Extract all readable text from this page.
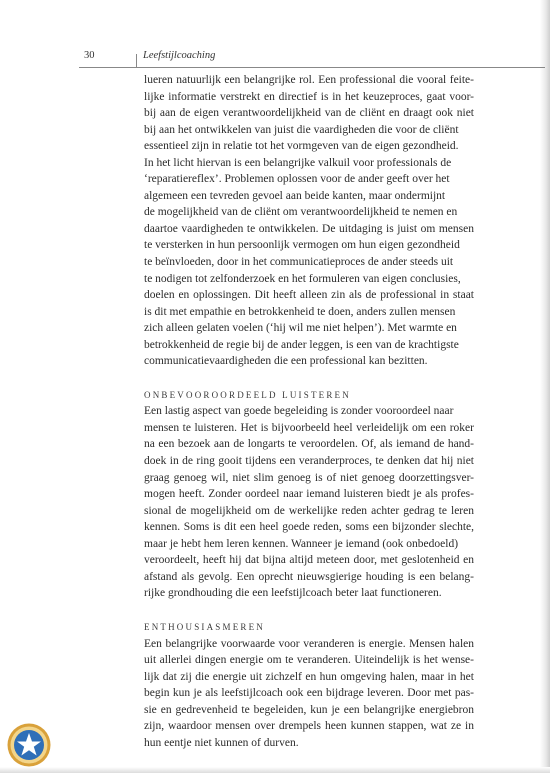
30	Leefstijlcoaching
lueren natuurlijk een belangrijke rol. Een professional die vooral feite-
lijke informatie verstrekt en directief is in het keuzeproces, gaat voor-
bij aan de eigen verantwoordelijkheid van de cliënt en draagt ook niet
bij aan het ontwikkelen van juist die vaardigheden die voor de cliënt
essentieel zijn in relatie tot het vormgeven van de eigen gezondheid.
In het licht hiervan is een belangrijke valkuil voor professionals de
‘reparatiereflex’. Problemen oplossen voor de ander geeft over het
algemeen een tevreden gevoel aan beide kanten, maar ondermijnt
de mogelijkheid van de cliënt om verantwoordelijkheid te nemen en
daartoe vaardigheden te ontwikkelen. De uitdaging is juist om mensen
te versterken in hun persoonlijk vermogen om hun eigen gezondheid
te beïnvloeden, door in het communicatieproces de ander steeds uit
te nodigen tot zelfonderzoek en het formuleren van eigen conclusies,
doelen en oplossingen. Dit heeft alleen zin als de professional in staat
is dit met empathie en betrokkenheid te doen, anders zullen mensen
zich alleen gelaten voelen (‘hij wil me niet helpen’). Met warmte en
betrokkenheid de regie bij de ander leggen, is een van de krachtigste
communicatievaardigheden die een professional kan bezitten.
ONBEVOOROORDEELD LUISTEREN
Een lastig aspect van goede begeleiding is zonder vooroordeel naar
mensen te luisteren. Het is bijvoorbeeld heel verleidelijk om een roker
na een bezoek aan de longarts te veroordelen. Of, als iemand de hand-
doek in de ring gooit tijdens een veranderproces, te denken dat hij niet
graag genoeg wil, niet slim genoeg is of niet genoeg doorzettingsver-
mogen heeft. Zonder oordeel naar iemand luisteren biedt je als profes-
sional de mogelijkheid om de werkelijke reden achter gedrag te leren
kennen. Soms is dit een heel goede reden, soms een bijzonder slechte,
maar je hebt hem leren kennen. Wanneer je iemand (ook onbedoeld)
veroordeelt, heeft hij dat bijna altijd meteen door, met geslotenheid en
afstand als gevolg. Een oprecht nieuwsgierige houding is een belang-
rijke grondhouding die een leefstijlcoach beter laat functioneren.
ENTHOUSIASMEREN
Een belangrijke voorwaarde voor veranderen is energie. Mensen halen
uit allerlei dingen energie om te veranderen. Uiteindelijk is het wense-
lijk dat zij die energie uit zichzelf en hun omgeving halen, maar in het
begin kun je als leefstijlcoach ook een bijdrage leveren. Door met pas-
sie en gedrevenheid te begeleiden, kun je een belangrijke energiebron
zijn, waardoor mensen over drempels heen kunnen stappen, wat ze in
hun eentje niet kunnen of durven.
